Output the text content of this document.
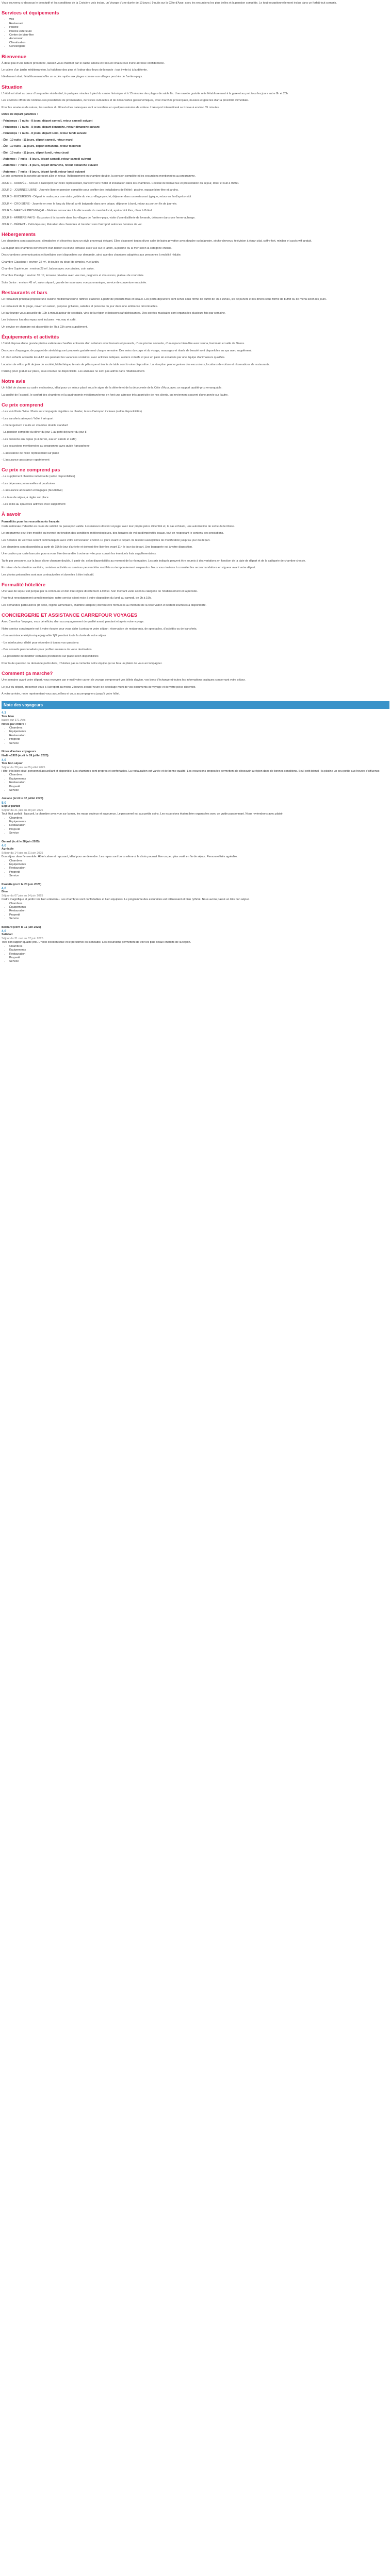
Vous trouverez ci-dessous le descriptif et les conditions de la Croisière vols inclus, un Voyage d'une durée de 10 jours / 9 nuits sur la Côte d'Azur, avec les excursions les plus belles et la pension complète. Le tout exceptionnellement inclus dans un forfait tout compris.

Services et équipements
• Wifi
• Restaurant
• Piscine
• Piscine extérieure
• Centre de bien-être
• Ascenseur
• Climatisation
• Conciergerie
Bienvenue

À deux pas d'une nature préservée, laissez-vous charmer par le calme absolu et l'accueil chaleureux d'une adresse confidentielle.

Le calme d'un jardin méditerranéen, la fraîcheur des pins et l'odeur des fleurs de lavande : tout invite ici à la détente.

Idéalement situé, l'établissement offre un accès rapide aux plages comme aux villages perchés de l'arrière-pays.

Situation

L'hôtel est situé au cœur d'un quartier résidentiel, à quelques minutes à pied du centre historique et à 15 minutes des plages de sable fin. Une navette gratuite relie l'établissement à la gare et au port tous les jours entre 8h et 20h.

Les environs offrent de nombreuses possibilités de promenades, de visites culturelles et de découvertes gastronomiques, avec marchés provençaux, musées et galeries d'art à proximité immédiate.

Pour les amateurs de nature, les sentiers du littoral et les calanques sont accessibles en quelques minutes de voiture. L'aéroport international se trouve à environ 35 minutes.

Dates de départ garanties :
- Printemps : 7 nuits - 8 jours, départ samedi, retour samedi suivant
- Printemps : 7 nuits - 8 jours, départ dimanche, retour dimanche suivant
- Printemps : 7 nuits - 8 jours, départ lundi, retour lundi suivant
- Été : 10 nuits - 11 jours, départ samedi, retour mardi
- Été : 10 nuits - 11 jours, départ dimanche, retour mercredi
- Été : 10 nuits - 11 jours, départ lundi, retour jeudi
- Automne : 7 nuits - 8 jours, départ samedi, retour samedi suivant
- Automne : 7 nuits - 8 jours, départ dimanche, retour dimanche suivant
- Automne : 7 nuits - 8 jours, départ lundi, retour lundi suivant

Le prix comprend la navette aéroport aller et retour, l'hébergement en chambre double, la pension complète et les excursions mentionnées au programme.

JOUR 1 - ARRIVÉE - Accueil à l'aéroport par notre représentant, transfert vers l'hôtel et installation dans les chambres. Cocktail de bienvenue et présentation du séjour, dîner et nuit à l'hôtel.

JOUR 2 - JOURNÉE LIBRE - Journée libre en pension complète pour profiter des installations de l'hôtel : piscine, espace bien-être et jardins.

JOUR 3 - EXCURSION - Départ le matin pour une visite guidée du vieux village perché, déjeuner dans un restaurant typique, retour en fin d'après-midi.

JOUR 4 - CROISIÈRE - Journée en mer le long du littoral, arrêt baignade dans une crique, déjeuner à bord, retour au port en fin de journée.

JOUR 5 - MARCHÉ PROVENÇAL - Matinée consacrée à la découverte du marché local, après-midi libre, dîner à l'hôtel.

JOUR 6 - ARRIÈRE-PAYS - Excursion à la journée dans les villages de l'arrière-pays, visite d'une distillerie de lavande, déjeuner dans une ferme-auberge.

JOUR 7 - DÉPART - Petit-déjeuner, libération des chambres et transfert vers l'aéroport selon les horaires de vol.

Hébergements

Les chambres sont spacieuses, climatisées et décorées dans un style provençal élégant. Elles disposent toutes d'une salle de bains privative avec douche ou baignoire, sèche-cheveux, télévision à écran plat, coffre-fort, minibar et accès wifi gratuit.

La plupart des chambres bénéficient d'un balcon ou d'une terrasse avec vue sur le jardin, la piscine ou la mer selon la catégorie choisie.

Des chambres communicantes et familiales sont disponibles sur demande, ainsi que des chambres adaptées aux personnes à mobilité réduite.

Chambre Classique : environ 22 m², lit double ou deux lits simples, vue jardin.

Chambre Supérieure : environ 28 m², balcon avec vue piscine, coin salon.

Chambre Prestige : environ 35 m², terrasse privative avec vue mer, peignoirs et chaussons, plateau de courtoisie.

Suite Junior : environ 45 m², salon séparé, grande terrasse avec vue panoramique, service de couverture en soirée.

Restaurants et bars

Le restaurant principal propose une cuisine méditerranéenne raffinée élaborée à partir de produits frais et locaux. Les petits-déjeuners sont servis sous forme de buffet de 7h à 10h30, les déjeuners et les dîners sous forme de buffet ou de menu selon les jours.

Le restaurant de la plage, ouvert en saison, propose grillades, salades et poissons du jour dans une ambiance décontractée.

Le bar lounge vous accueille de 10h à minuit autour de cocktails, vins de la région et boissons rafraîchissantes. Des soirées musicales sont organisées plusieurs fois par semaine.

Les boissons lors des repas sont incluses : vin, eau et café.

Un service en chambre est disponible de 7h à 23h avec supplément.

Équipements et activités

L'hôtel dispose d'une grande piscine extérieure chauffée entourée d'un solarium avec transats et parasols, d'une piscine couverte, d'un espace bien-être avec sauna, hammam et salle de fitness.

Des cours d'aquagym, de yoga et de stretching sont proposés gratuitement chaque semaine. Des soins du corps et du visage, massages et rituels de beauté sont disponibles au spa avec supplément.

Un club enfants accueille les 4-12 ans pendant les vacances scolaires, avec activités ludiques, ateliers créatifs et jeux en plein air encadrés par une équipe d'animateurs qualifiés.

Location de vélos, prêt de jeux de société, bibliothèque, terrain de pétanque et tennis de table sont à votre disposition. La réception peut organiser des excursions, locations de voiture et réservations de restaurants.

Parking privé gratuit sur place, sous réserve de disponibilité. Les animaux ne sont pas admis dans l'établissement.

Notre avis

Un hôtel de charme au cadre enchanteur, idéal pour un séjour placé sous le signe de la détente et de la découverte de la Côte d'Azur, avec un rapport qualité-prix remarquable.

La qualité de l'accueil, le confort des chambres et la gastronomie méditerranéenne en font une adresse très appréciée de nos clients, qui reviennent souvent d'une année sur l'autre.

Ce prix comprend

- Les vols Paris / Nice / Paris sur compagnie régulière ou charter, taxes d'aéroport incluses (selon disponibilités)

- Les transferts aéroport / hôtel / aéroport

- L'hébergement 7 nuits en chambre double standard

- La pension complète du dîner du jour 1 au petit-déjeuner du jour 8

- Les boissons aux repas (1/4 de vin, eau en carafe et café)

- Les excursions mentionnées au programme avec guide francophone

- L'assistance de notre représentant sur place

- L'assurance assistance rapatriement

Ce prix ne comprend pas

- Le supplément chambre individuelle (selon disponibilités)

- Les dépenses personnelles et pourboires

- L'assurance annulation et bagages (facultative)

- La taxe de séjour, à régler sur place

- Les soins au spa et les activités avec supplément

À savoir
Formalités pour les ressortissants français

Carte nationale d'identité en cours de validité ou passeport valide. Les mineurs doivent voyager avec leur propre pièce d'identité et, le cas échéant, une autorisation de sortie du territoire.

Le programme peut être modifié ou inversé en fonction des conditions météorologiques, des horaires de vol ou d'impératifs locaux, tout en respectant le contenu des prestations.

Les horaires de vol vous seront communiqués avec votre convocation environ 10 jours avant le départ. Ils restent susceptibles de modification jusqu'au jour du départ.

Les chambres sont disponibles à partir de 15h le jour d'arrivée et doivent être libérées avant 11h le jour du départ. Une bagagerie est à votre disposition.

Une caution par carte bancaire pourra vous être demandée à votre arrivée pour couvrir les éventuels frais supplémentaires.

Tarifs par personne, sur la base d'une chambre double, à partir de, selon disponibilités au moment de la réservation. Les prix indiqués peuvent être soumis à des variations en fonction de la date de départ et de la catégorie de chambre choisie.

En raison de la situation sanitaire, certaines activités ou services peuvent être modifiés ou temporairement suspendus. Nous vous invitons à consulter les recommandations en vigueur avant votre départ.

Les photos présentées sont non contractuelles et données à titre indicatif.

Formalité hôtelière

Une taxe de séjour est perçue par la commune et doit être réglée directement à l'hôtel. Son montant varie selon la catégorie de l'établissement et la période.

Pour tout renseignement complémentaire, notre service client reste à votre disposition du lundi au samedi, de 9h à 19h.

Les demandes particulières (lit bébé, régime alimentaire, chambre adaptée) doivent être formulées au moment de la réservation et restent soumises à disponibilité.

CONCIERGERIE ET ASSISTANCE CARREFOUR VOYAGES

Avec Carrefour Voyages, vous bénéficiez d'un accompagnement de qualité avant, pendant et après votre voyage.

Notre service conciergerie est à votre écoute pour vous aider à préparer votre séjour : réservation de restaurants, de spectacles, d'activités ou de transferts.

- Une assistance téléphonique joignable 7j/7 pendant toute la durée de votre séjour

- Un interlocuteur dédié pour répondre à toutes vos questions

- Des conseils personnalisés pour profiter au mieux de votre destination

- La possibilité de modifier certaines prestations sur place selon disponibilités

Pour toute question ou demande particulière, n'hésitez pas à contacter notre équipe qui se fera un plaisir de vous accompagner.

Comment ça marche?

Une semaine avant votre départ, vous recevrez par e-mail votre carnet de voyage comprenant vos billets d'avion, vos bons d'échange et toutes les informations pratiques concernant votre séjour.

Le jour du départ, présentez-vous à l'aéroport au moins 2 heures avant l'heure de décollage muni de vos documents de voyage et de votre pièce d'identité.

À votre arrivée, notre représentant vous accueillera et vous accompagnera jusqu'à votre hôtel.

Note des voyageurs
4,3
Très bien
basée sur 371 Avis
Notes par critère :
• Chambres
• Équipements
• Restauration
• Propreté
• Service
Notes d'autres voyageurs
Nadine1920 (écrit le 09 juillet 2025)
4,0
Très bon séjour
Séjour du 28 juin au 05 juillet 2025
Hôtel très bien situé, personnel accueillant et disponible. Les chambres sont propres et confortables. La restauration est variée et de bonne qualité. Les excursions proposées permettent de découvrir la région dans de bonnes conditions. Seul petit bémol : la piscine un peu petite aux heures d'affluence.
• Chambres
• Équipements
• Restauration
• Propreté
• Service
Josiane (écrit le 02 juillet 2025)
5,0
Séjour parfait
Séjour du 21 juin au 28 juin 2025
Tout était parfait : l'accueil, la chambre avec vue sur la mer, les repas copieux et savoureux. Le personnel est aux petits soins. Les excursions étaient bien organisées avec un guide passionnant. Nous reviendrons avec plaisir.
• Chambres
• Équipements
• Restauration
• Propreté
• Service
Gerard (écrit le 28 juin 2025)
4,0
Agréable
Séjour du 14 juin au 21 juin 2025
Bon séjour dans l'ensemble. Hôtel calme et reposant, idéal pour se détendre. Les repas sont bons même si le choix pourrait être un peu plus varié en fin de séjour. Personnel très agréable.
• Chambres
• Équipements
• Restauration
• Propreté
• Service
Paulette (écrit le 20 juin 2025)
4,0
Bien
Séjour du 07 juin au 14 juin 2025
Cadre magnifique et jardin très bien entretenu. Les chambres sont confortables et bien équipées. Le programme des excursions est intéressant et bien rythmé. Nous avons passé un très bon séjour.
• Chambres
• Équipements
• Restauration
• Propreté
• Service
Bernard (écrit le 11 juin 2025)
4,0
Satisfait
Séjour du 31 mai au 07 juin 2025
Très bon rapport qualité-prix. L'hôtel est bien situé et le personnel est serviable. Les excursions permettent de voir les plus beaux endroits de la région.
• Chambres
• Équipements
• Restauration
• Propreté
• Service
